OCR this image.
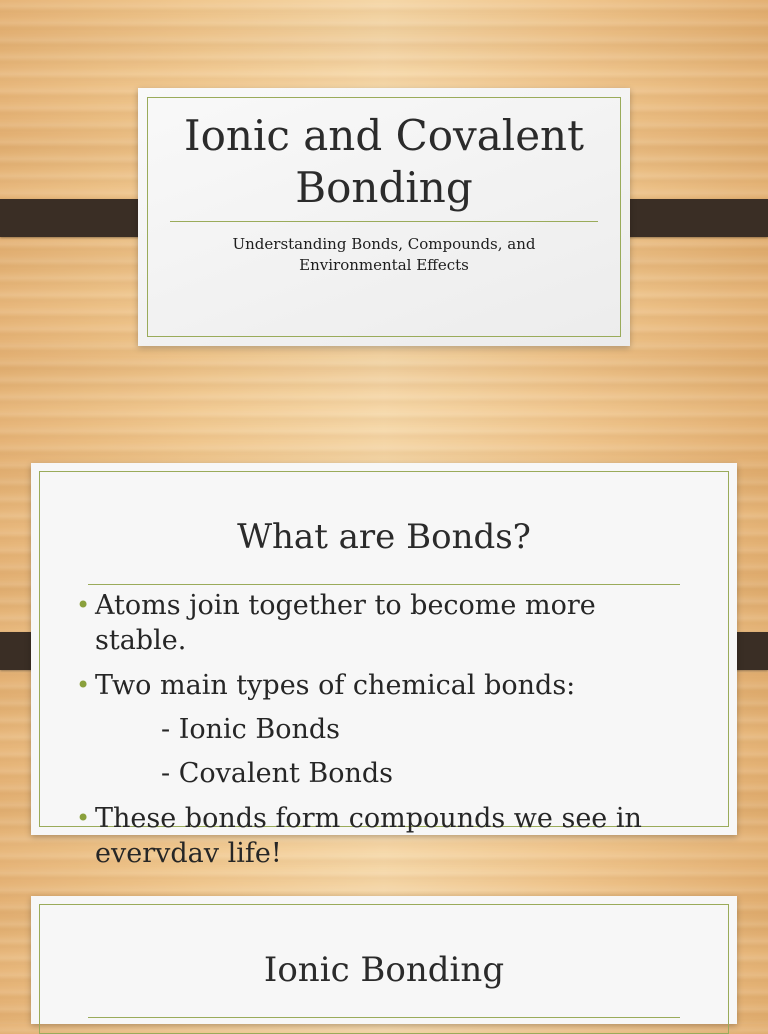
Ionic and Covalent
Bonding
Understanding Bonds, Compounds, and
Environmental Effects
What are Bonds?
• Atoms join together to become more
stable.
• Two main types of chemical bonds:
- Ionic Bonds
- Covalent Bonds
• These bonds form compounds we see in
evervdav life!
Ionic Bonding
